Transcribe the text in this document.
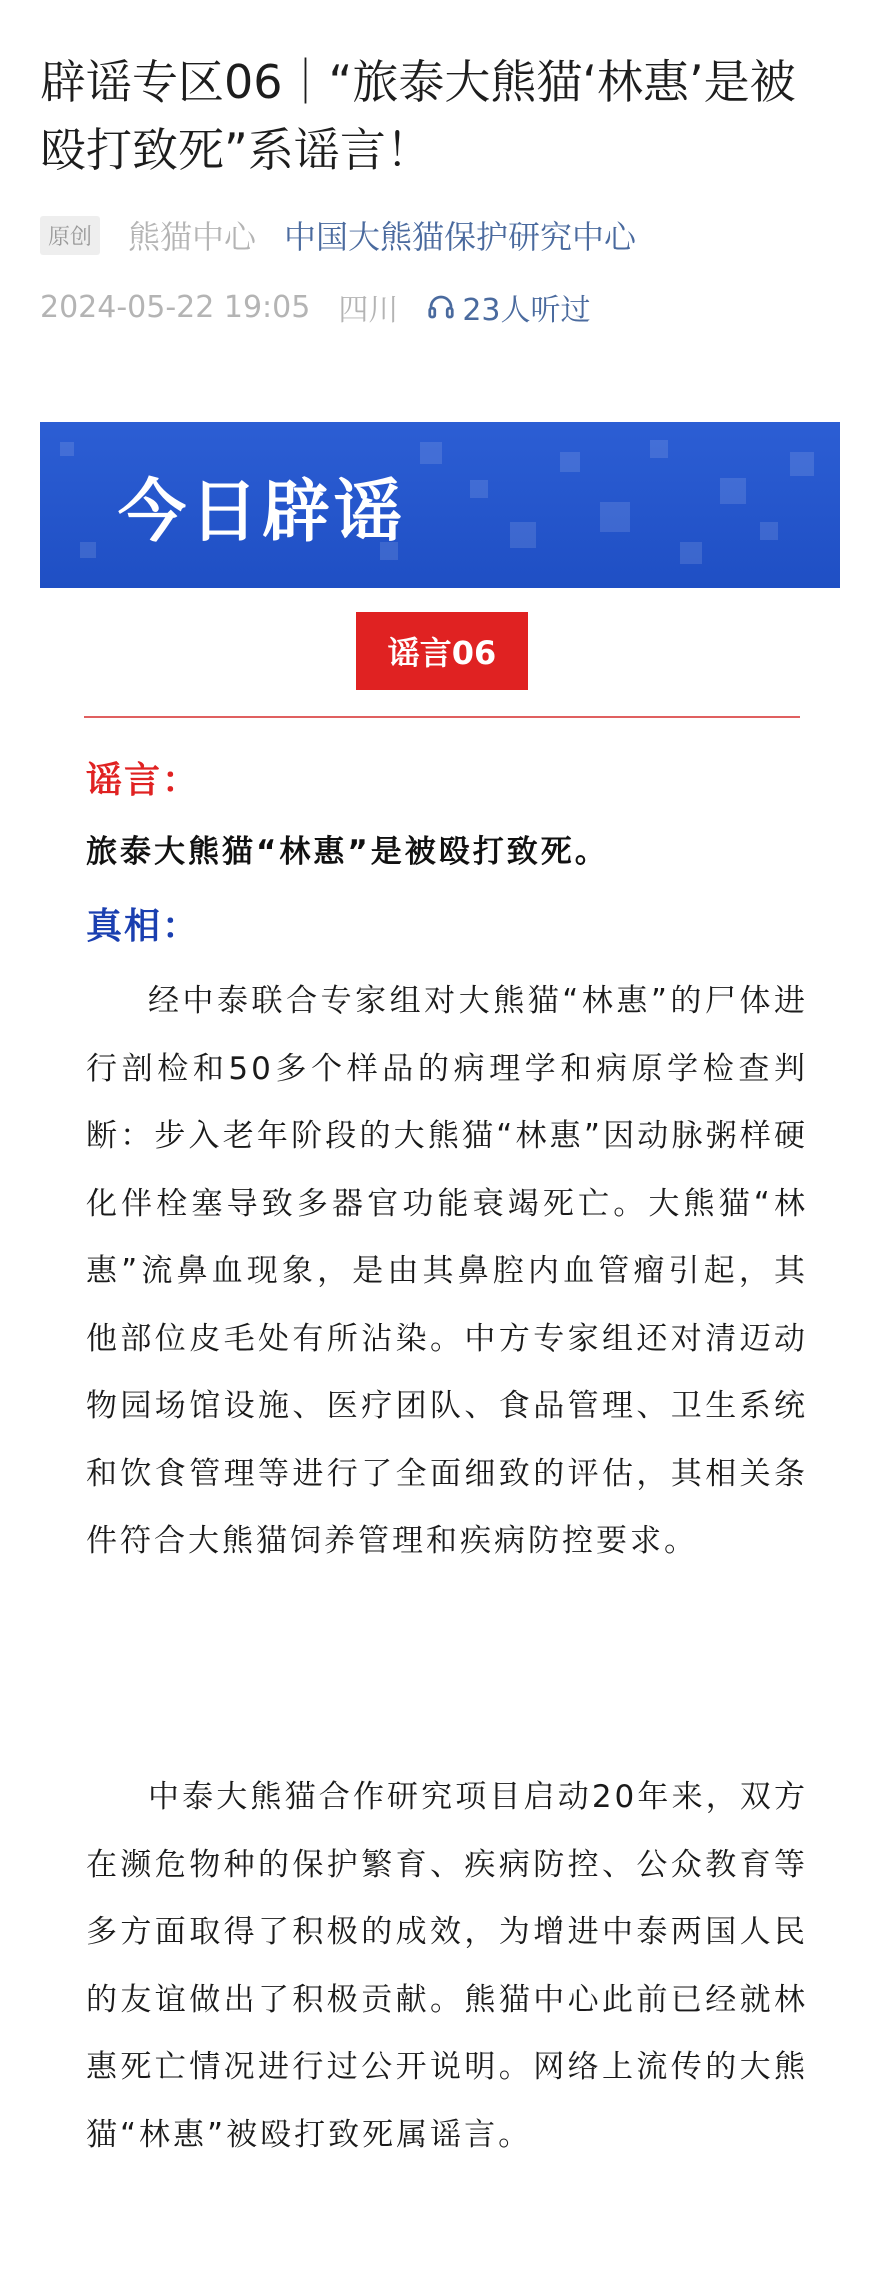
辟谣专区06｜“旅泰大熊猫‘林惠’是被殴打致死”系谣言！
原创 熊猫中心 中国大熊猫保护研究中心
2024-05-22 19:05 四川 23人听过
今日辟谣
谣言06
谣言：
旅泰大熊猫“林惠”是被殴打致死。
真相：

经中泰联合专家组对大熊猫“林惠”的尸体进行剖检和50多个样品的病理学和病原学检查判断：步入老年阶段的大熊猫“林惠”因动脉粥样硬化伴栓塞导致多器官功能衰竭死亡。大熊猫“林惠”流鼻血现象，是由其鼻腔内血管瘤引起，其他部位皮毛处有所沾染。中方专家组还对清迈动物园场馆设施、医疗团队、食品管理、卫生系统和饮食管理等进行了全面细致的评估，其相关条件符合大熊猫饲养管理和疾病防控要求。

中泰大熊猫合作研究项目启动20年来，双方在濒危物种的保护繁育、疾病防控、公众教育等多方面取得了积极的成效，为增进中泰两国人民的友谊做出了积极贡献。熊猫中心此前已经就林惠死亡情况进行过公开说明。网络上流传的大熊猫“林惠”被殴打致死属谣言。
